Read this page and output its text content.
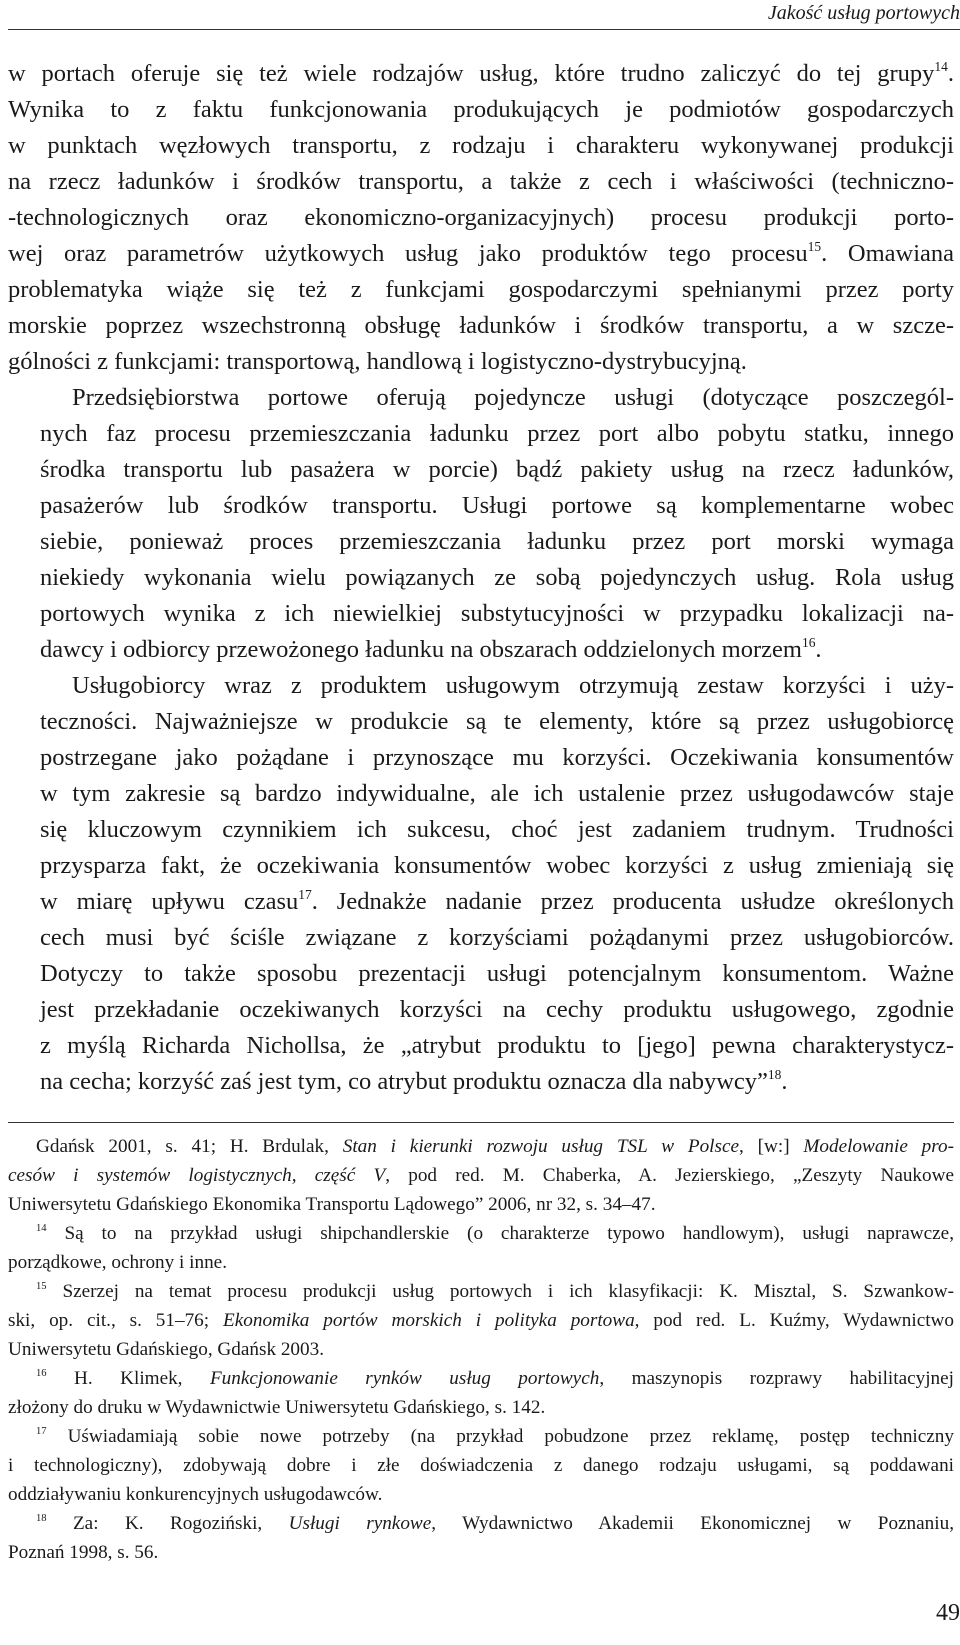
Jakość usług portowych

w portach oferuje się też wiele rodzajów usług, które trudno zaliczyć do tej grupy$^{14}$.
Wynika to z faktu funkcjonowania produkujących je podmiotów gospodarczych
w punktach węzłowych transportu, z rodzaju i charakteru wykonywanej produkcji
na rzecz ładunków i środków transportu, a także z cech i właściwości (techniczno-
-technologicznych oraz ekonomiczno-organizacyjnych) procesu produkcji porto-
wej oraz parametrów użytkowych usług jako produktów tego procesu$^{15}$. Omawiana
problematyka wiąże się też z funkcjami gospodarczymi spełnianymi przez porty
morskie poprzez wszechstronną obsługę ładunków i środków transportu, a w szcze-
gólności z funkcjami: transportową, handlową i logistyczno-dystrybucyjną.

Przedsiębiorstwa portowe oferują pojedyncze usługi (dotyczące poszczegól-
nych faz procesu przemieszczania ładunku przez port albo pobytu statku, innego
środka transportu lub pasażera w porcie) bądź pakiety usług na rzecz ładunków,
pasażerów lub środków transportu. Usługi portowe są komplementarne wobec
siebie, ponieważ proces przemieszczania ładunku przez port morski wymaga
niekiedy wykonania wielu powiązanych ze sobą pojedynczych usług. Rola usług
portowych wynika z ich niewielkiej substytucyjności w przypadku lokalizacji na-
dawcy i odbiorcy przewożonego ładunku na obszarach oddzielonych morzem$^{16}$.

Usługobiorcy wraz z produktem usługowym otrzymują zestaw korzyści i uży-
teczności. Najważniejsze w produkcie są te elementy, które są przez usługobiorcę
postrzegane jako pożądane i przynoszące mu korzyści. Oczekiwania konsumentów
w tym zakresie są bardzo indywidualne, ale ich ustalenie przez usługodawców staje
się kluczowym czynnikiem ich sukcesu, choć jest zadaniem trudnym. Trudności
przysparza fakt, że oczekiwania konsumentów wobec korzyści z usług zmieniają się
w miarę upływu czasu$^{17}$. Jednakże nadanie przez producenta usłudze określonych
cech musi być ściśle związane z korzyściami pożądanymi przez usługobiorców.
Dotyczy to także sposobu prezentacji usługi potencjalnym konsumentom. Ważne
jest przekładanie oczekiwanych korzyści na cechy produktu usługowego, zgodnie
z myślą Richarda Nichollsa, że „atrybut produktu to [jego] pewna charakterystycz-
na cecha; korzyść zaś jest tym, co atrybut produktu oznacza dla nabywcy”$^{18}$.

Gdańsk 2001, s. 41; H. Brdulak, Stan i kierunki rozwoju usług TSL w Polsce, [w:] Modelowanie pro-
cesów i systemów logistycznych, część V, pod red. M. Chaberka, A. Jezierskiego, „Zeszyty Naukowe
Uniwersytetu Gdańskiego Ekonomika Transportu Lądowego” 2006, nr 32, s. 34–47.
$^{14}$ Są to na przykład usługi shipchandlerskie (o charakterze typowo handlowym), usługi naprawcze,
porządkowe, ochrony i inne.
$^{15}$ Szerzej na temat procesu produkcji usług portowych i ich klasyfikacji: K. Misztal, S. Szwankow-
ski, op. cit., s. 51–76; Ekonomika portów morskich i polityka portowa, pod red. L. Kuźmy, Wydawnictwo
Uniwersytetu Gdańskiego, Gdańsk 2003.
$^{16}$ H. Klimek, Funkcjonowanie rynków usług portowych, maszynopis rozprawy habilitacyjnej
złożony do druku w Wydawnictwie Uniwersytetu Gdańskiego, s. 142.
$^{17}$ Uświadamiają sobie nowe potrzeby (na przykład pobudzone przez reklamę, postęp techniczny
i technologiczny), zdobywają dobre i złe doświadczenia z danego rodzaju usługami, są poddawani
oddziaływaniu konkurencyjnych usługodawców.
$^{18}$ Za: K. Rogoziński, Usługi rynkowe, Wydawnictwo Akademii Ekonomicznej w Poznaniu,
Poznań 1998, s. 56.
49
